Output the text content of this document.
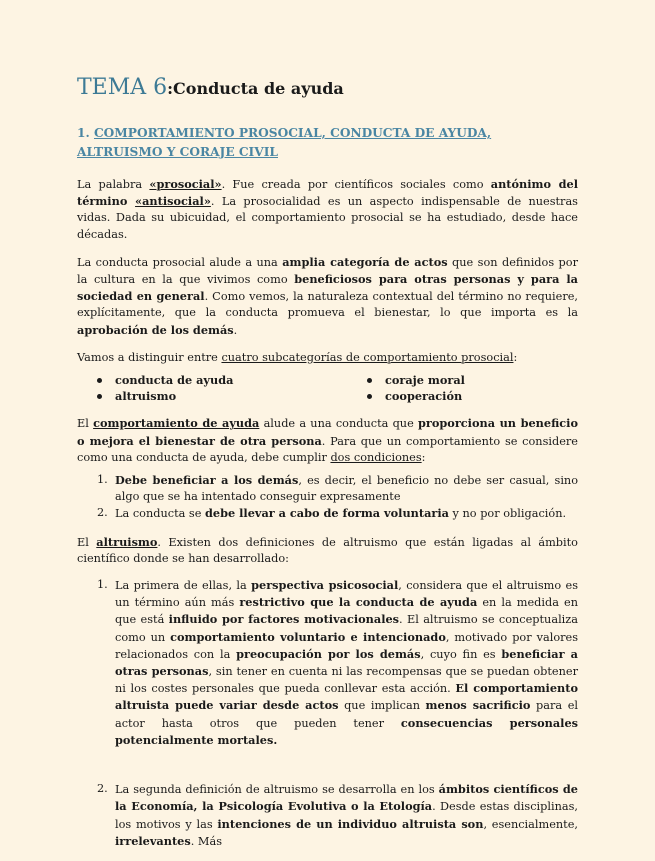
TEMA 6:Conducta de ayuda
1. COMPORTAMIENTO PROSOCIAL, CONDUCTA DE AYUDA, ALTRUISMO Y CORAJE CIVIL

La palabra «prosocial». Fue creada por científicos sociales como antónimo del término «antisocial». La prosocialidad es un aspecto indispensable de nuestras vidas. Dada su ubicuidad, el comportamiento prosocial se ha estudiado, desde hace décadas.

La conducta prosocial alude a una amplia categoría de actos que son definidos por la cultura en la que vivimos como beneficiosos para otras personas y para la sociedad en general. Como vemos, la naturaleza contextual del término no requiere, explícitamente, que la conducta promueva el bienestar, lo que importa es la aprobación de los demás.

Vamos a distinguir entre cuatro subcategorías de comportamiento prosocial:

conducta de ayuda	coraje moral
altruismo	cooperación

El comportamiento de ayuda alude a una conducta que proporciona un beneficio o mejora el bienestar de otra persona. Para que un comportamiento se considere como una conducta de ayuda, debe cumplir dos condiciones:

1. Debe beneficiar a los demás, es decir, el beneficio no debe ser casual, sino algo que se ha intentado conseguir expresamente
2. La conducta se debe llevar a cabo de forma voluntaria y no por obligación.

El altruismo. Existen dos definiciones de altruismo que están ligadas al ámbito científico donde se han desarrollado:

1. La primera de ellas, la perspectiva psicosocial, considera que el altruismo es un término aún más restrictivo que la conducta de ayuda en la medida en que está influido por factores motivacionales. El altruismo se conceptualiza como un comportamiento voluntario e intencionado, motivado por valores relacionados con la preocupación por los demás, cuyo fin es beneficiar a otras personas, sin tener en cuenta ni las recompensas que se puedan obtener ni los costes personales que pueda conllevar esta acción. El comportamiento altruista puede variar desde actos que implican menos sacrificio para el actor hasta otros que pueden tener consecuencias personales potencialmente mortales.
2. La segunda definición de altruismo se desarrolla en los ámbitos científicos de la Economía, la Psicología Evolutiva o la Etología. Desde estas disciplinas, los motivos y las intenciones de un individuo altruista son, esencialmente, irrelevantes. Más
